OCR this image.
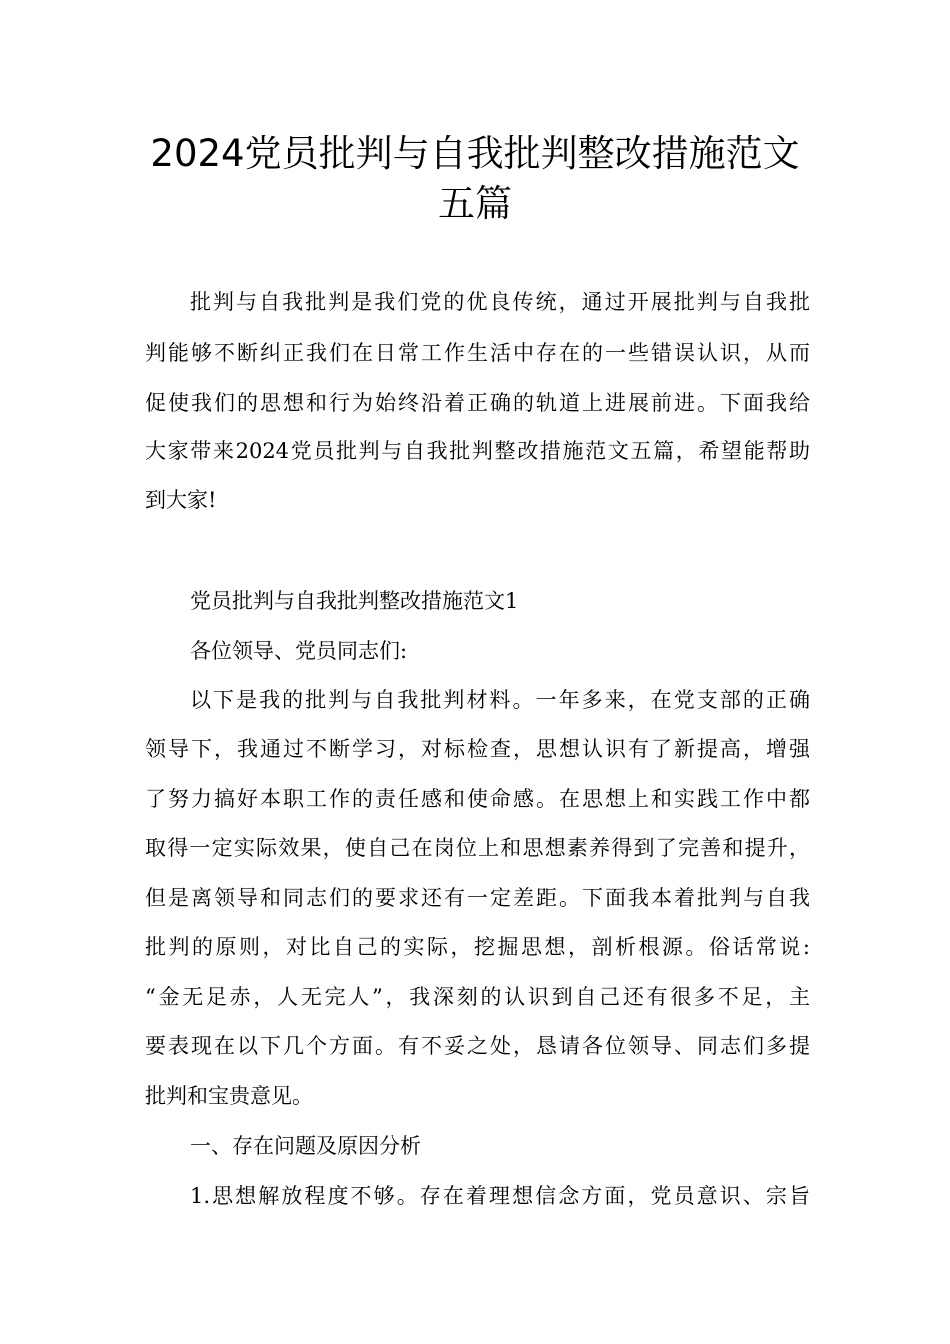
2024党员批判与自我批判整改措施范文
五篇
批判与自我批判是我们党的优良传统，通过开展批判与自我批
判能够不断纠正我们在日常工作生活中存在的一些错误认识，从而
促使我们的思想和行为始终沿着正确的轨道上进展前进。下面我给
大家带来2024党员批判与自我批判整改措施范文五篇，希望能帮助
到大家!
党员批判与自我批判整改措施范文1
各位领导、党员同志们:
以下是我的批判与自我批判材料。一年多来，在党支部的正确
领导下，我通过不断学习，对标检查，思想认识有了新提高，增强
了努力搞好本职工作的责任感和使命感。在思想上和实践工作中都
取得一定实际效果，使自己在岗位上和思想素养得到了完善和提升，
但是离领导和同志们的要求还有一定差距。下面我本着批判与自我
批判的原则，对比自己的实际，挖掘思想，剖析根源。俗话常说:
“金无足赤，人无完人”，我深刻的认识到自己还有很多不足，主
要表现在以下几个方面。有不妥之处，恳请各位领导、同志们多提
批判和宝贵意见。
一、存在问题及原因分析
1.思想解放程度不够。存在着理想信念方面，党员意识、宗旨
